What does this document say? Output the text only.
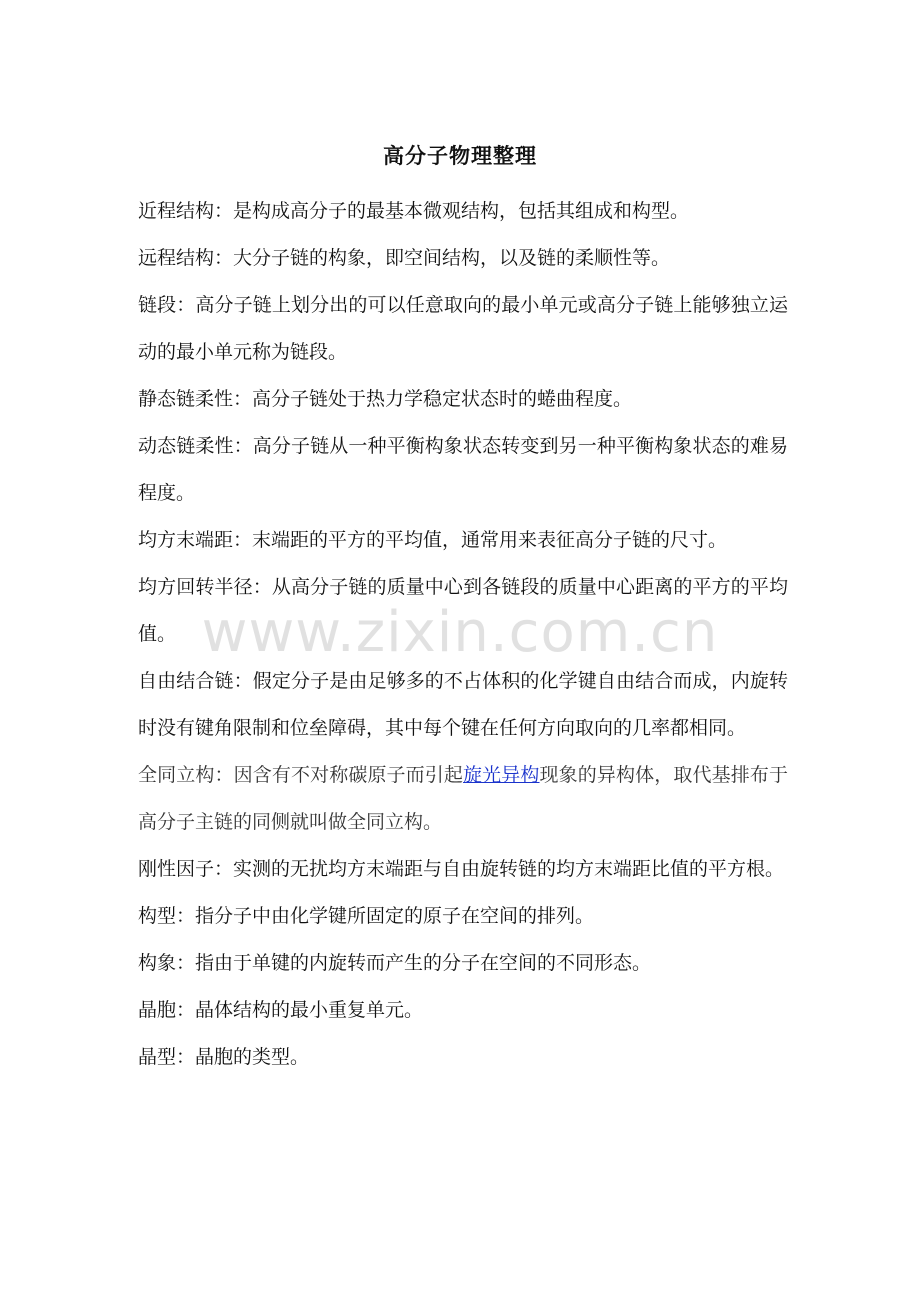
高分子物理整理

近程结构：是构成高分子的最基本微观结构，包括其组成和构型。

远程结构：大分子链的构象，即空间结构，以及链的柔顺性等。

链段：高分子链上划分出的可以任意取向的最小单元或高分子链上能够独立运动的最小单元称为链段。

静态链柔性：高分子链处于热力学稳定状态时的蜷曲程度。

动态链柔性：高分子链从一种平衡构象状态转变到另一种平衡构象状态的难易程度。

均方末端距：末端距的平方的平均值，通常用来表征高分子链的尺寸。

均方回转半径：从高分子链的质量中心到各链段的质量中心距离的平方的平均值。

自由结合链：假定分子是由足够多的不占体积的化学键自由结合而成，内旋转时没有键角限制和位垒障碍，其中每个键在任何方向取向的几率都相同。

全同立构：因含有不对称碳原子而引起旋光异构现象的异构体，取代基排布于高分子主链的同侧就叫做全同立构。

刚性因子：实测的无扰均方末端距与自由旋转链的均方末端距比值的平方根。

构型：指分子中由化学键所固定的原子在空间的排列。

构象：指由于单键的内旋转而产生的分子在空间的不同形态。

晶胞：晶体结构的最小重复单元。

晶型：晶胞的类型。

www.zixin.com.cn
